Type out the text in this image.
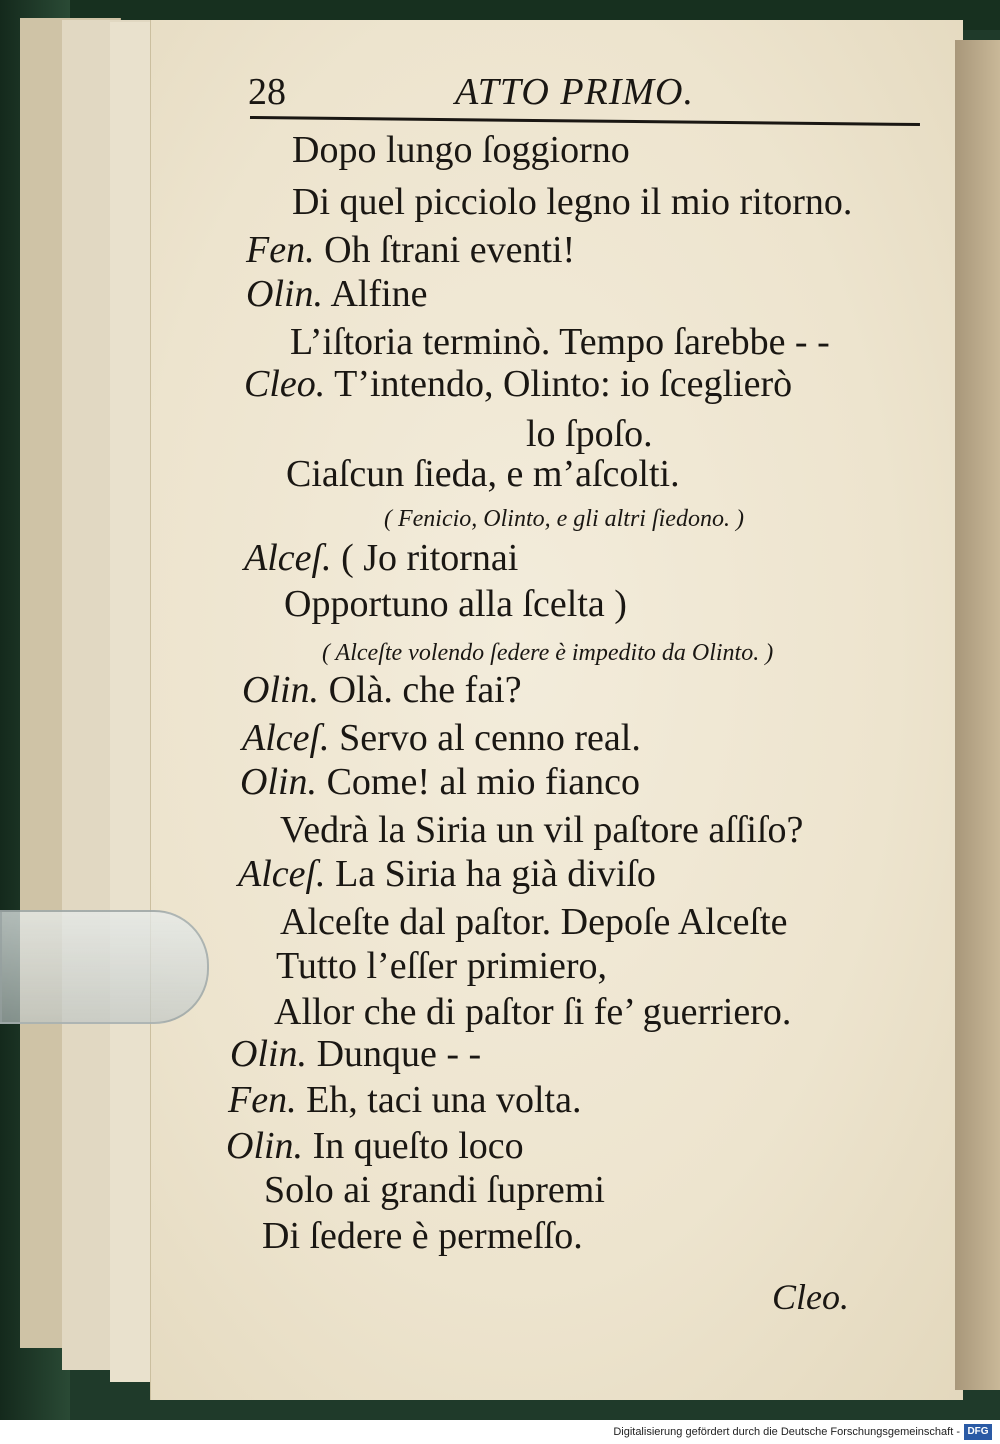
28	ATTO PRIMO.
Dopo lungo ſoggiorno
Di quel picciolo legno il mio ritorno.
Fen. Oh ſtrani eventi!
Olin. Alfine
L’iſtoria terminò. Tempo ſarebbe - -
Cleo. T’intendo, Olinto: io ſceglierò
lo ſpoſo.
Ciaſcun ſieda, e m’aſcolti.
( Fenicio, Olinto, e gli altri ſiedono. )
Alceſ. ( Jo ritornai
Opportuno alla ſcelta )
( Alceſte volendo ſedere è impedito da Olinto. )
Olin. Olà. che fai?
Alceſ. Servo al cenno real.
Olin. Come! al mio fianco
Vedrà la Siria un vil paſtore aſſiſo?
Alceſ. La Siria ha già diviſo
Alceſte dal paſtor. Depoſe Alceſte
Tutto l’eſſer primiero,
Allor che di paſtor ſi fe’ guerriero.
Olin. Dunque - -
Fen. Eh, taci una volta.
Olin. In queſto loco
Solo ai grandi ſupremi
Di ſedere è permeſſo.
Cleo.
Digitalisierung gefördert durch die Deutsche Forschungsgemeinschaft - DFG
